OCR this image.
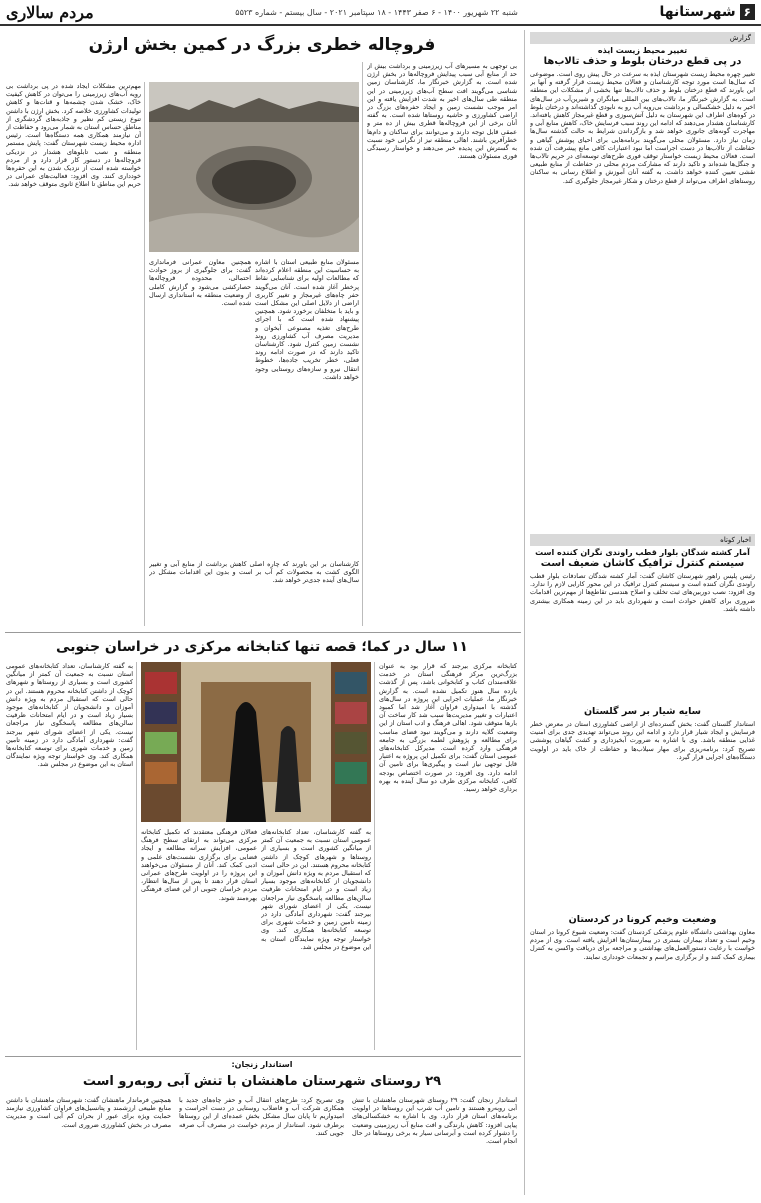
۶
شهرستانها
شنبه ۲۲ شهریور ۱۴۰۰ - ۶ صفر ۱۴۴۳ - ۱۸ سپتامبر ۲۰۲۱ - سال بیستم - شماره ۵۵۲۳
مردم سالاری
گزارش
تغییر محیط زیست ایذه
در پی قطع درختان بلوط و حذف تالاب‌ها
تغییر چهره محیط زیست شهرستان ایذه به سرعت در حال پیش روی است. موضوعی که سال‌ها است مورد توجه کارشناسان و فعالان محیط زیست قرار گرفته و آنها بر این باورند که قطع درختان بلوط و حذف تالاب‌ها تنها بخشی از مشکلات این منطقه است. به گزارش خبرنگار ما، تالاب‌های بین المللی میانگران و شیرین‌آب در سال‌های اخیر به دلیل خشکسالی و برداشت بی‌رویه آب رو به نابودی گذاشته‌اند و درختان بلوط در کوه‌های اطراف این شهرستان به دلیل آتش‌سوزی و قطع غیرمجاز کاهش یافته‌اند. کارشناسان هشدار می‌دهند که ادامه این روند سبب فرسایش خاک، کاهش منابع آبی و مهاجرت گونه‌های جانوری خواهد شد و بازگرداندن شرایط به حالت گذشته سال‌ها زمان نیاز دارد. مسئولان محلی می‌گویند برنامه‌هایی برای احیای پوشش گیاهی و حفاظت از تالاب‌ها در دست اجراست اما نبود اعتبارات کافی مانع پیشرفت آن شده است. فعالان محیط زیست خواستار توقف فوری طرح‌های توسعه‌ای در حریم تالاب‌ها و جنگل‌ها شده‌اند و تاکید دارند که مشارکت مردم محلی در حفاظت از منابع طبیعی نقشی تعیین کننده خواهد داشت. به گفته آنان آموزش و اطلاع رسانی به ساکنان روستاهای اطراف می‌تواند از قطع درختان و شکار غیرمجاز جلوگیری کند.
اخبار کوتاه
آمار کشته شدگان بلوار قطب راوندی نگران کننده است
سیستم کنترل ترافیک کاشان ضعیف است
رئیس پلیس راهور شهرستان کاشان گفت: آمار کشته شدگان تصادفات بلوار قطب راوندی نگران کننده است و سیستم کنترل ترافیک در این محور کارایی لازم را ندارد. وی افزود: نصب دوربین‌های ثبت تخلف و اصلاح هندسی تقاطع‌ها از مهم‌ترین اقدامات ضروری برای کاهش حوادث است و شهرداری باید در این زمینه همکاری بیشتری داشته باشد.
سایه شیار بر سر گلستان
استاندار گلستان گفت: بخش گسترده‌ای از اراضی کشاورزی استان در معرض خطر فرسایش و ایجاد شیار قرار دارد و ادامه این روند می‌تواند تهدیدی جدی برای امنیت غذایی منطقه باشد. وی با اشاره به ضرورت آبخیزداری و کشت گیاهان پوششی تصریح کرد: برنامه‌ریزی برای مهار سیلاب‌ها و حفاظت از خاک باید در اولویت دستگاه‌های اجرایی قرار گیرد.
وضعیت وخیم کرونا در کردستان
معاون بهداشتی دانشگاه علوم پزشکی کردستان گفت: وضعیت شیوع کرونا در استان وخیم است و تعداد بیماران بستری در بیمارستان‌ها افزایش یافته است. وی از مردم خواست با رعایت دستورالعمل‌های بهداشتی و مراجعه برای دریافت واکسن به کنترل بیماری کمک کنند و از برگزاری مراسم و تجمعات خودداری نمایند.
فروچاله خطری بزرگ در کمین بخش ارژن
بی توجهی به مسیرهای آب زیرزمینی و برداشت بیش از حد از منابع آبی سبب پیدایش فروچاله‌ها در بخش ارژن شده است. به گزارش خبرنگار ما، کارشناسان زمین شناسی می‌گویند افت سطح آب‌های زیرزمینی در این منطقه طی سال‌های اخیر به شدت افزایش یافته و این امر موجب نشست زمین و ایجاد حفره‌های بزرگ در اراضی کشاورزی و حاشیه روستاها شده است. به گفته آنان برخی از این فروچاله‌ها قطری بیش از ده متر و عمقی قابل توجه دارند و می‌توانند برای ساکنان و دام‌ها خطرآفرین باشند. اهالی منطقه نیز از نگرانی خود نسبت به گسترش این پدیده خبر می‌دهند و خواستار رسیدگی فوری مسئولان هستند.
مسئولان منابع طبیعی استان با اشاره به حساسیت این منطقه اعلام کرده‌اند که مطالعات اولیه برای شناسایی نقاط پرخطر آغاز شده است. آنان می‌گویند حفر چاه‌های غیرمجاز و تغییر کاربری اراضی از دلایل اصلی این مشکل است و باید با متخلفان برخورد شود. همچنین پیشنهاد شده است که با اجرای طرح‌های تغذیه مصنوعی آبخوان و مدیریت مصرف آب کشاورزی روند نشست زمین کنترل شود. کارشناسان تاکید دارند که در صورت ادامه روند فعلی، خطر تخریب جاده‌ها، خطوط انتقال نیرو و سازه‌های روستایی وجود خواهد داشت.
همچنین معاون عمرانی فرمانداری گفت: برای جلوگیری از بروز حوادث احتمالی، محدوده فروچاله‌ها حصارکشی می‌شود و گزارش کاملی از وضعیت منطقه به استانداری ارسال شده است.
مهم‌ترین مشکلات ایجاد شده در پی برداشت بی رویه آب‌های زیرزمینی را می‌توان در کاهش کیفیت خاک، خشک شدن چشمه‌ها و قنات‌ها و کاهش تولیدات کشاورزی خلاصه کرد. بخش ارژن با داشتن تنوع زیستی کم نظیر و جاذبه‌های گردشگری از مناطق حساس استان به شمار می‌رود و حفاظت از آن نیازمند همکاری همه دستگاه‌ها است. رئیس اداره محیط زیست شهرستان گفت: پایش مستمر منطقه و نصب تابلوهای هشدار در نزدیکی فروچاله‌ها در دستور کار قرار دارد و از مردم خواسته شده است از نزدیک شدن به این حفره‌ها خودداری کنند. وی افزود: فعالیت‌های عمرانی در حریم این مناطق تا اطلاع ثانوی متوقف خواهد شد.
کارشناسان بر این باورند که چاره اصلی کاهش برداشت از منابع آبی و تغییر الگوی کشت به محصولات کم آب بر است و بدون این اقدامات مشکل در سال‌های آینده جدی‌تر خواهد شد.
۱۱ سال در کما؛ قصه تنها کتابخانه مرکزی در خراسان جنوبی
کتابخانه مرکزی بیرجند که قرار بود به عنوان بزرگ‌ترین مرکز فرهنگی استان در خدمت علاقه‌مندان کتاب و کتابخوانی باشد، پس از گذشت یازده سال هنوز تکمیل نشده است. به گزارش خبرنگار ما، عملیات اجرایی این پروژه در سال‌های گذشته با امیدواری فراوان آغاز شد اما کمبود اعتبارات و تغییر مدیریت‌ها سبب شد کار ساخت آن بارها متوقف شود. اهالی فرهنگ و ادب استان از این وضعیت گلایه دارند و می‌گویند نبود فضای مناسب برای مطالعه و پژوهش لطمه بزرگی به جامعه فرهنگی وارد کرده است. مدیرکل کتابخانه‌های عمومی استان گفت: برای تکمیل این پروژه به اعتبار قابل توجهی نیاز است و پیگیری‌ها برای تامین آن ادامه دارد. وی افزود: در صورت اختصاص بودجه کافی، کتابخانه مرکزی ظرف دو سال آینده به بهره برداری خواهد رسید.
به گفته کارشناسان، تعداد کتابخانه‌های عمومی استان نسبت به جمعیت آن کمتر از میانگین کشوری است و بسیاری از روستاها و شهرهای کوچک از داشتن کتابخانه محروم هستند. این در حالی است که استقبال مردم به ویژه دانش آموزان و دانشجویان از کتابخانه‌های موجود بسیار زیاد است و در ایام امتحانات ظرفیت سالن‌های مطالعه پاسخگوی نیاز مراجعان نیست. یکی از اعضای شورای شهر بیرجند گفت: شهرداری آمادگی دارد در زمینه تامین زمین و خدمات شهری برای توسعه کتابخانه‌ها همکاری کند. وی خواستار توجه ویژه نمایندگان استان به این موضوع در مجلس شد.
فعالان فرهنگی معتقدند که تکمیل کتابخانه مرکزی می‌تواند به ارتقای سطح فرهنگ عمومی، افزایش سرانه مطالعه و ایجاد فضایی برای برگزاری نشست‌های علمی و ادبی کمک کند. آنان از مسئولان می‌خواهند این پروژه را در اولویت طرح‌های عمرانی استان قرار دهند تا پس از سال‌ها انتظار، مردم خراسان جنوبی از این فضای فرهنگی بهره‌مند شوند.
به گفته کارشناسان، تعداد کتابخانه‌های عمومی استان نسبت به جمعیت آن کمتر از میانگین کشوری است و بسیاری از روستاها و شهرهای کوچک از داشتن کتابخانه محروم هستند. این در حالی است که استقبال مردم به ویژه دانش آموزان و دانشجویان از کتابخانه‌های موجود بسیار زیاد است و در ایام امتحانات ظرفیت سالن‌های مطالعه پاسخگوی نیاز مراجعان نیست. یکی از اعضای شورای شهر بیرجند گفت: شهرداری آمادگی دارد در زمینه تامین زمین و خدمات شهری برای توسعه کتابخانه‌ها همکاری کند. وی خواستار توجه ویژه نمایندگان استان به این موضوع در مجلس شد.
استاندار زنجان:
۲۹ روستای شهرستان ماهنشان با تنش آبی روبه‌رو است
استاندار زنجان گفت: ۲۹ روستای شهرستان ماهنشان با تنش آبی روبه‌رو هستند و تامین آب شرب این روستاها در اولویت برنامه‌های استان قرار دارد. وی با اشاره به خشکسالی‌های پیاپی افزود: کاهش بارندگی و افت منابع آب زیرزمینی وضعیت را دشوار کرده است و آبرسانی سیار به برخی روستاها در حال انجام است.
وی تصریح کرد: طرح‌های انتقال آب و حفر چاه‌های جدید با همکاری شرکت آب و فاضلاب روستایی در دست اجراست و امیدواریم تا پایان سال مشکل بخش عمده‌ای از این روستاها برطرف شود. استاندار از مردم خواست در مصرف آب صرفه جویی کنند.
همچنین فرماندار ماهنشان گفت: شهرستان ماهنشان با داشتن منابع طبیعی ارزشمند و پتانسیل‌های فراوان کشاورزی نیازمند حمایت ویژه برای عبور از بحران کم آبی است و مدیریت مصرف در بخش کشاورزی ضروری است.
